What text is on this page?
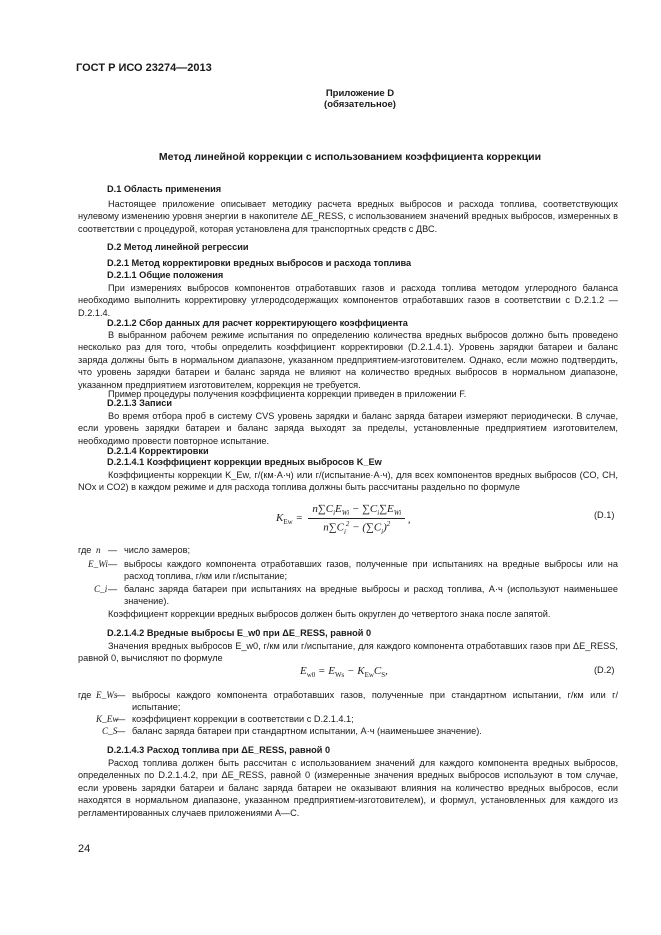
ГОСТ Р ИСО 23274—2013
Приложение D
(обязательное)
Метод линейной коррекции с использованием коэффициента коррекции
D.1 Область применения
Настоящее приложение описывает методику расчета вредных выбросов и расхода топлива, соответствующих нулевому изменению уровня энергии в накопителе ΔE_RESS, с использованием значений вредных выбросов, измеренных в соответствии с процедурой, которая установлена для транспортных средств с ДВС.
D.2 Метод линейной регрессии
D.2.1 Метод корректировки вредных выбросов и расхода топлива
D.2.1.1 Общие положения
При измерениях выбросов компонентов отработавших газов и расхода топлива методом углеродного баланса необходимо выполнить корректировку углеродсодержащих компонентов отработавших газов в соответствии с D.2.1.2 — D.2.1.4.
D.2.1.2 Сбор данных для расчет корректирующего коэффициента
В выбранном рабочем режиме испытания по определению количества вредных выбросов должно быть проведено несколько раз для того, чтобы определить коэффициент корректировки (D.2.1.4.1). Уровень зарядки батареи и баланс заряда должны быть в нормальном диапазоне, указанном предприятием-изготовителем. Однако, если можно подтвердить, что уровень зарядки батареи и баланс заряда не влияют на количество вредных выбросов в нормальном диапазоне, указанном предприятием изготовителем, коррекция не требуется.
Пример процедуры получения коэффициента коррекции приведен в приложении F.
D.2.1.3 Записи
Во время отбора проб в систему CVS уровень зарядки и баланс заряда батареи измеряют периодически. В случае, если уровень зарядки батареи и баланс заряда выходят за пределы, установленные предприятием изготовителем, необходимо провести повторное испытание.
D.2.1.4 Корректировки
D.2.1.4.1 Коэффициент коррекции вредных выбросов K_Ew
Коэффициенты коррекции K_Ew, г/(км·А·ч) или г/(испытание·А·ч), для всех компонентов вредных выбросов (CO, CH, NOx и CO2) в каждом режиме и для расхода топлива должны быть рассчитаны раздельно по формуле
$K_{Ew} = \frac{n\sum C_iE_{Wi} - \sum C_i\sum E_{Wi}}{n\sum C_i^2 - (\sum C_i)^2}$ ,	(D.1)
где n — число замеров;
E_Wi — выбросы каждого компонента отработавших газов, полученные при испытаниях на вредные выбросы или на расход топлива, г/км или г/испытание;
C_i — баланс заряда батареи при испытаниях на вредные выбросы и расход топлива, А·ч (используют наименьшее значение).
Коэффициент коррекции вредных выбросов должен быть округлен до четвертого знака после запятой.
D.2.1.4.2 Вредные выбросы E_w0 при ΔE_RESS, равной 0
Значения вредных выбросов E_w0, г/км или г/испытание, для каждого компонента отработавших газов при ΔE_RESS, равной 0, вычисляют по формуле
$E_{w0} = E_{Ws} - K_{Ew}C_S$,	(D.2)
где E_Ws
— выбросы каждого компонента отработавших газов, полученные при стандартном испытании, г/км или г/испытание;
K_Ew
— коэффициент коррекции в соответствии с D.2.1.4.1;
C_S
— баланс заряда батареи при стандартном испытании, А·ч (наименьшее значение).
D.2.1.4.3 Расход топлива при ΔE_RESS, равной 0
Расход топлива должен быть рассчитан с использованием значений для каждого компонента вредных выбросов, определенных по D.2.1.4.2, при ΔE_RESS, равной 0 (измеренные значения вредных выбросов используют в том случае, если уровень зарядки батареи и баланс заряда батареи не оказывают влияния на количество вредных выбросов, если находятся в нормальном диапазоне, указанном предприятием-изготовителем), и формул, установленных для каждого из регламентированных случаев приложениями А—С.
24
